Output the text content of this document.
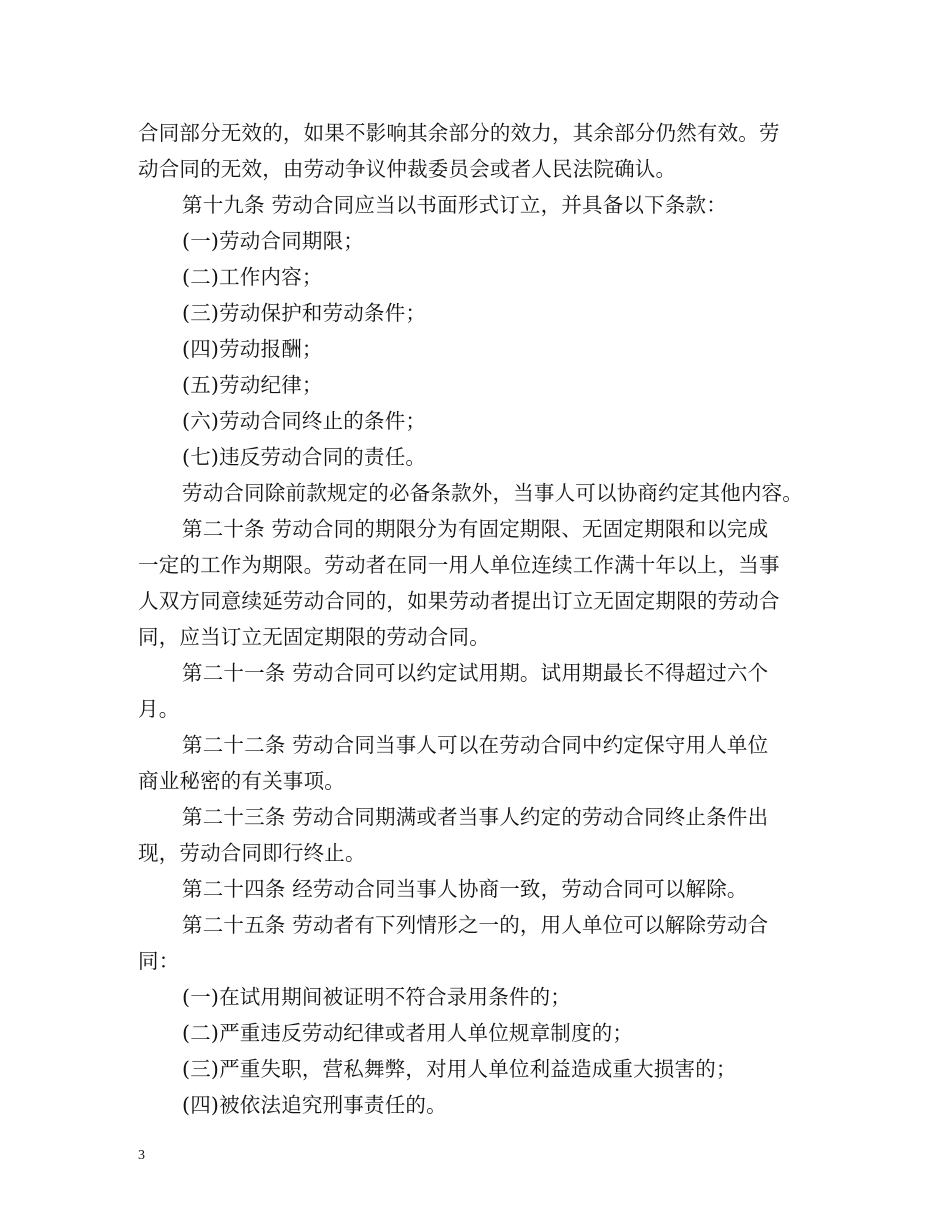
合同部分无效的，如果不影响其余部分的效力，其余部分仍然有效。劳
动合同的无效，由劳动争议仲裁委员会或者人民法院确认。
第十九条 劳动合同应当以书面形式订立，并具备以下条款：
(一)劳动合同期限；
(二)工作内容；
(三)劳动保护和劳动条件；
(四)劳动报酬；
(五)劳动纪律；
(六)劳动合同终止的条件；
(七)违反劳动合同的责任。
劳动合同除前款规定的必备条款外，当事人可以协商约定其他内容。
第二十条 劳动合同的期限分为有固定期限、无固定期限和以完成
一定的工作为期限。劳动者在同一用人单位连续工作满十年以上，当事
人双方同意续延劳动合同的，如果劳动者提出订立无固定期限的劳动合
同，应当订立无固定期限的劳动合同。
第二十一条 劳动合同可以约定试用期。试用期最长不得超过六个
月。
第二十二条 劳动合同当事人可以在劳动合同中约定保守用人单位
商业秘密的有关事项。
第二十三条 劳动合同期满或者当事人约定的劳动合同终止条件出
现，劳动合同即行终止。
第二十四条 经劳动合同当事人协商一致，劳动合同可以解除。
第二十五条 劳动者有下列情形之一的，用人单位可以解除劳动合
同：
(一)在试用期间被证明不符合录用条件的；
(二)严重违反劳动纪律或者用人单位规章制度的；
(三)严重失职，营私舞弊，对用人单位利益造成重大损害的；
(四)被依法追究刑事责任的。
3
